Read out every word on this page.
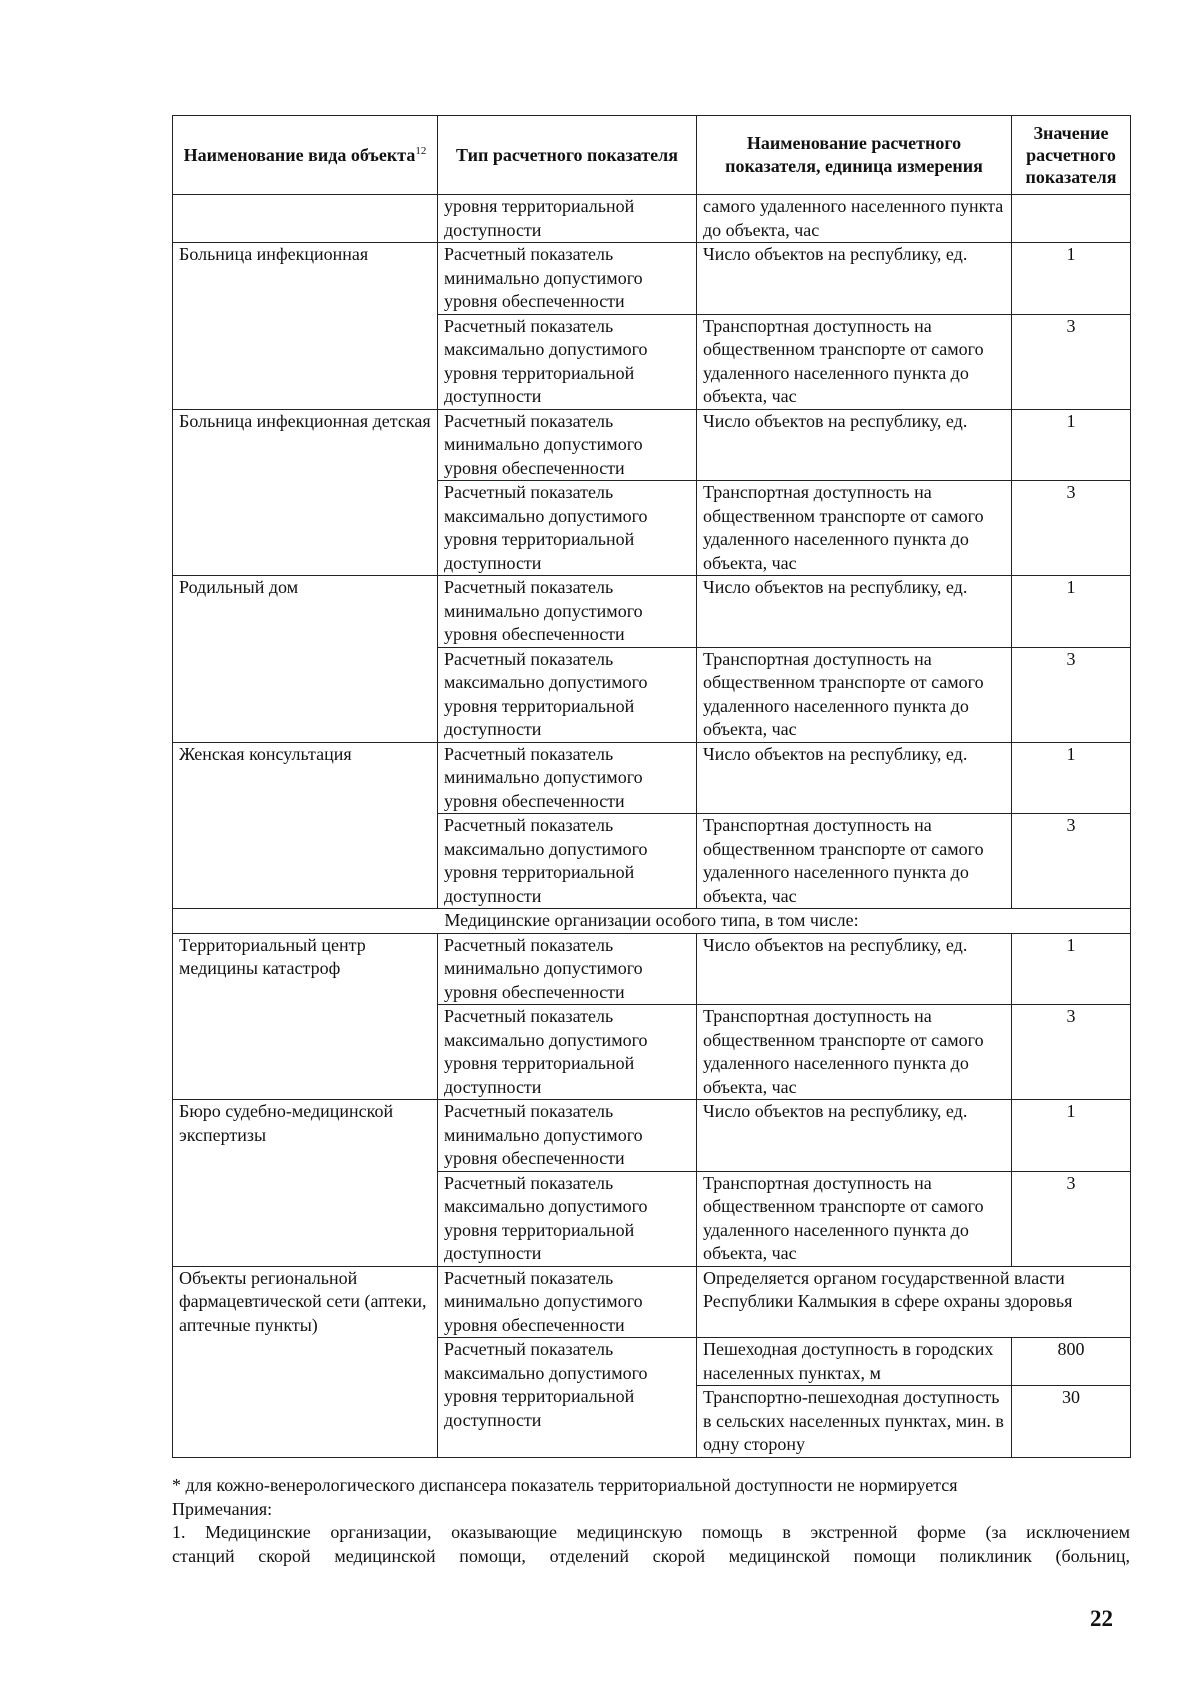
Наименование вида объекта$^{12}$	Тип расчетного показателя	Наименование расчетного показателя, единица измерения	Значение расчетного показателя
	уровня территориальной доступности	самого удаленного населенного пункта до объекта, час	
Больница инфекционная	Расчетный показатель минимально допустимого уровня обеспеченности	Число объектов на республику, ед.	1
	Расчетный показатель максимально допустимого уровня территориальной доступности	Транспортная доступность на общественном транспорте от самого удаленного населенного пункта до объекта, час	3
Больница инфекционная детская	Расчетный показатель минимально допустимого уровня обеспеченности	Число объектов на республику, ед.	1
	Расчетный показатель максимально допустимого уровня территориальной доступности	Транспортная доступность на общественном транспорте от самого удаленного населенного пункта до объекта, час	3
Родильный дом	Расчетный показатель минимально допустимого уровня обеспеченности	Число объектов на республику, ед.	1
	Расчетный показатель максимально допустимого уровня территориальной доступности	Транспортная доступность на общественном транспорте от самого удаленного населенного пункта до объекта, час	3
Женская консультация	Расчетный показатель минимально допустимого уровня обеспеченности	Число объектов на республику, ед.	1
	Расчетный показатель максимально допустимого уровня территориальной доступности	Транспортная доступность на общественном транспорте от самого удаленного населенного пункта до объекта, час	3
Медицинские организации особого типа, в том числе:			
Территориальный центр медицины катастроф	Расчетный показатель минимально допустимого уровня обеспеченности	Число объектов на республику, ед.	1
	Расчетный показатель максимально допустимого уровня территориальной доступности	Транспортная доступность на общественном транспорте от самого удаленного населенного пункта до объекта, час	3
Бюро судебно-медицинской экспертизы	Расчетный показатель минимально допустимого уровня обеспеченности	Число объектов на республику, ед.	1
	Расчетный показатель максимально допустимого уровня территориальной доступности	Транспортная доступность на общественном транспорте от самого удаленного населенного пункта до объекта, час	3
Объекты региональной фармацевтической сети (аптеки, аптечные пункты)	Расчетный показатель минимально допустимого уровня обеспеченности	Определяется органом государственной власти Республики Калмыкия в сфере охраны здоровья	
	Расчетный показатель максимально допустимого уровня территориальной доступности	Пешеходная доступность в городских населенных пунктах, м	800
		Транспортно-пешеходная доступность в сельских населенных пунктах, мин. в одну сторону	30

* для кожно-венерологического диспансера показатель территориальной доступности не нормируется

Примечания:

1. Медицинские организации, оказывающие медицинскую помощь в экстренной форме (за исключением

станций скорой медицинской помощи, отделений скорой медицинской помощи поликлиник (больниц,

22
